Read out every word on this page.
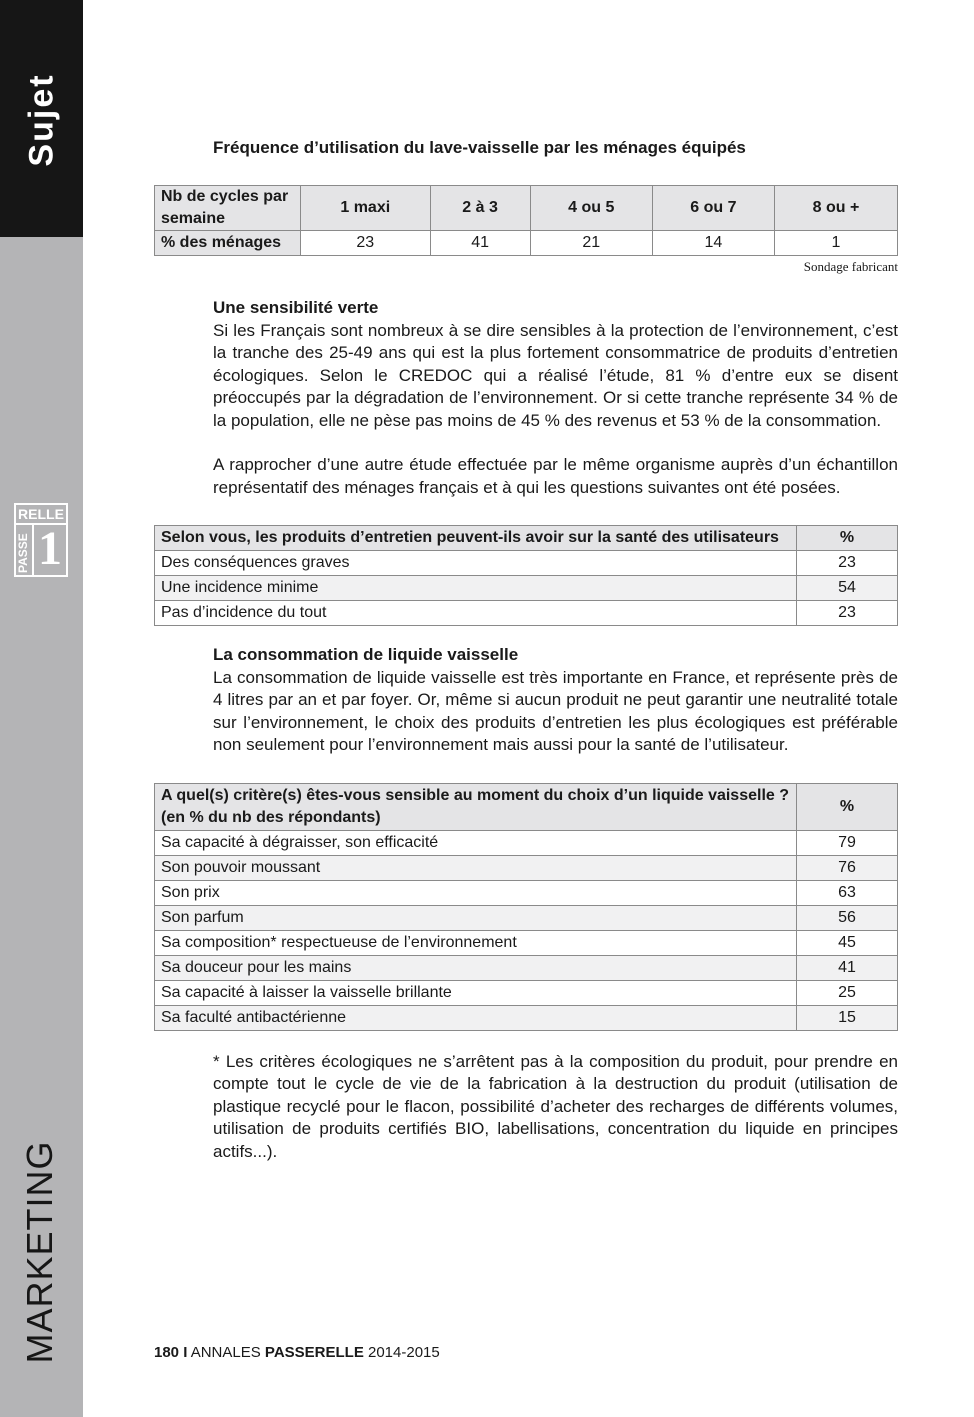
Sujet
MARKETING
RELLE
PASSE 1
Fréquence d’utilisation du lave-vaisselle par les ménages équipés
Nb de cycles par semaine	1 maxi	2 à 3	4 ou 5	6 ou 7	8 ou +
% des ménages	23	41	21	14	1
Sondage fabricant
Une sensibilité verte

Si les Français sont nombreux à se dire sensibles à la protection de l’environnement, c’est la tranche des 25-49 ans qui est la plus fortement consommatrice de produits d’entretien écologiques. Selon le CREDOC qui a réalisé l’étude, 81 % d’entre eux se disent préoccupés par la dégradation de l’environnement. Or si cette tranche représente 34 % de la population, elle ne pèse pas moins de 45 % des revenus et 53 % de la consommation.

A rapprocher d’une autre étude effectuée par le même organisme auprès d’un échantillon représentatif des ménages français et à qui les questions suivantes ont été posées.

Selon vous, les produits d’entretien peuvent-ils avoir sur la santé des utilisateurs	%
Des conséquences graves	23
Une incidence minime	54
Pas d’incidence du tout	23
La consommation de liquide vaisselle

La consommation de liquide vaisselle est très importante en France, et représente près de 4 litres par an et par foyer. Or, même si aucun produit ne peut garantir une neutralité totale sur l’environnement, le choix des produits d’entretien les plus écologiques est préférable non seulement pour l’environnement mais aussi pour la santé de l’utilisateur.

A quel(s) critère(s) êtes-vous sensible au moment du choix d’un liquide vaisselle ?
(en % du nb des répondants)	%
Sa capacité à dégraisser, son efficacité	79
Son pouvoir moussant	76
Son prix	63
Son parfum	56
Sa composition* respectueuse de l’environnement	45
Sa douceur pour les mains	41
Sa capacité à laisser la vaisselle brillante	25
Sa faculté antibactérienne	15

* Les critères écologiques ne s’arrêtent pas à la composition du produit, pour prendre en compte tout le cycle de vie de la fabrication à la destruction du produit (utilisation de plastique recyclé pour le flacon, possibilité d’acheter des recharges de différents volumes, utilisation de produits certifiés BIO, labellisations, concentration du liquide en principes actifs...).

180 I ANNALES PASSERELLE 2014-2015
